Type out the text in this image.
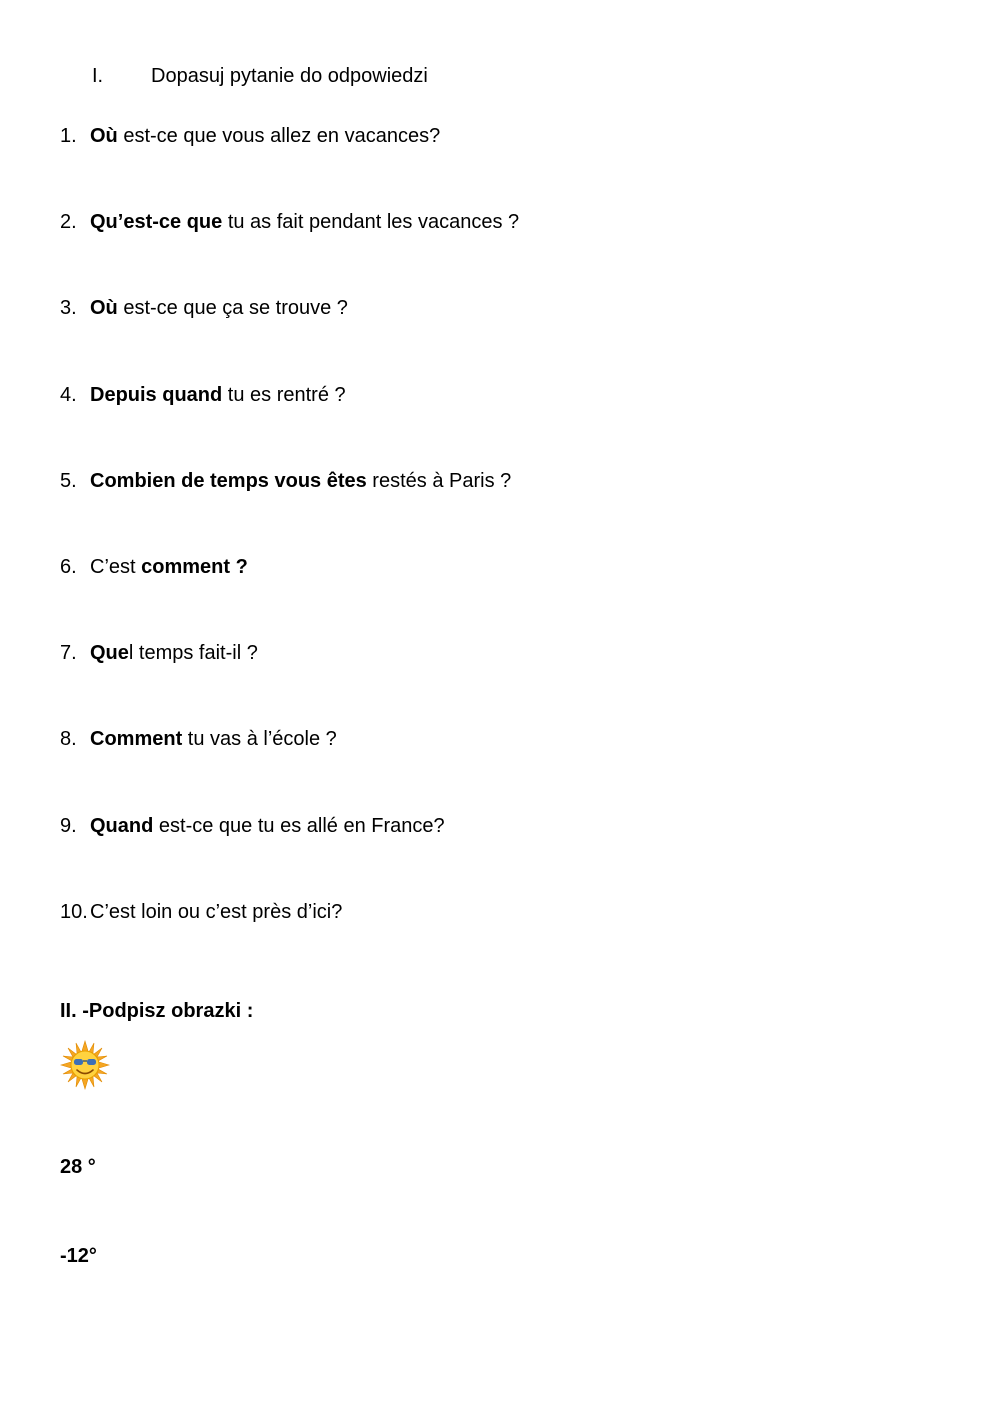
I. Dopasuj pytanie do odpowiedzi
1. Où est-ce que vous allez en vacances?
2. Qu’est-ce que tu as fait pendant les vacances ?
3. Où est-ce que ça se trouve ?
4. Depuis quand tu es rentré ?
5. Combien de temps vous êtes restés à Paris ?
6. C’est comment ?
7. Quel temps fait-il ?
8. Comment tu vas à l’école ?
9. Quand est-ce que tu es allé en France?
10. C’est loin ou c’est près d’ici?
II. -Podpisz obrazki :
28 °
-12°
